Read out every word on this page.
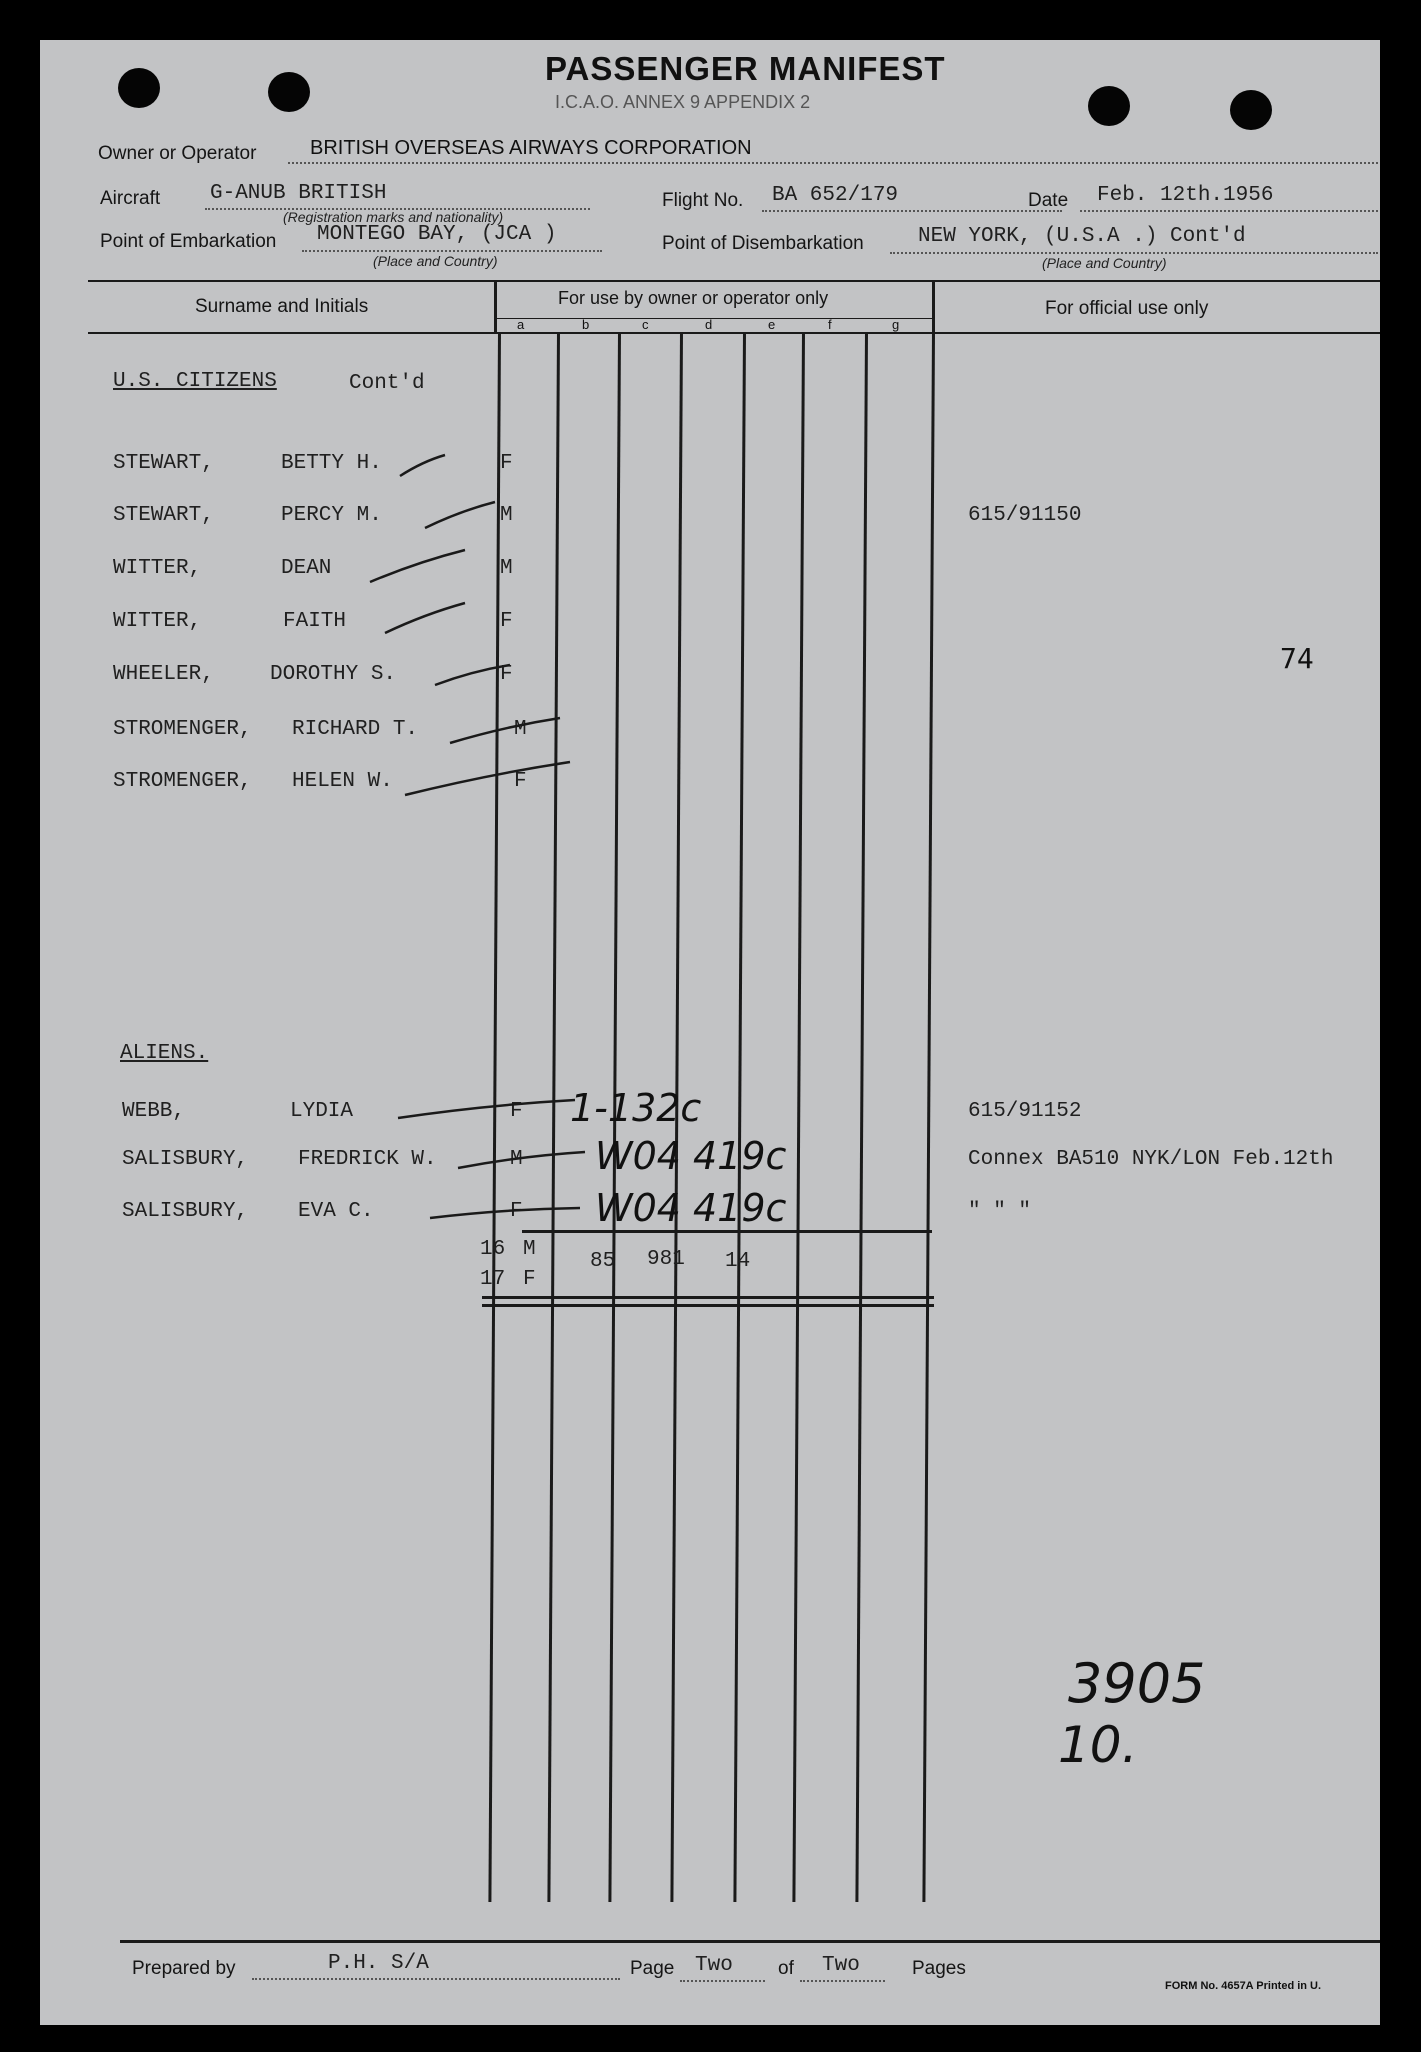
PASSENGER MANIFEST
I.C.A.O. ANNEX 9 APPENDIX 2
Owner or Operator	BRITISH OVERSEAS AIRWAYS CORPORATION
Aircraft G-ANUB BRITISH
(Registration marks and nationality)
Flight No. BA 652/179	Date Feb. 12th.1956
Point of Embarkation MONTEGO BAY, (JCA )
(Place and Country)
Point of Disembarkation	NEW YORK, (U.S.A .) Cont'd
(Place and Country)
Surname and Initials	For use by owner or operator only	For official use only
a	b	c	d	e	f	g
U.S. CITIZENS	Cont'd
STEWART,	BETTY H.	F
STEWART,	PERCY M.	M	615/91150
WITTER,	DEAN	M
WITTER,	FAITH	F
WHEELER,	DOROTHY S.	F
STROMENGER, RICHARD T.	M
STROMENGER, HELEN W.	F
ALIENS.
WEBB,	LYDIA	F	615/91152
1-132c
SALISBURY, FREDRICK W.	M	Connex BA510 NYK/LON Feb.12th
W04 419c
SALISBURY, EVA C.	F	" " "
W04 419c
16 M
17 F
85 981 14
74
3905
10.
Prepared by	P.H. S/A	Page Two of Two	Pages
FORM No. 4657A Printed in U.
